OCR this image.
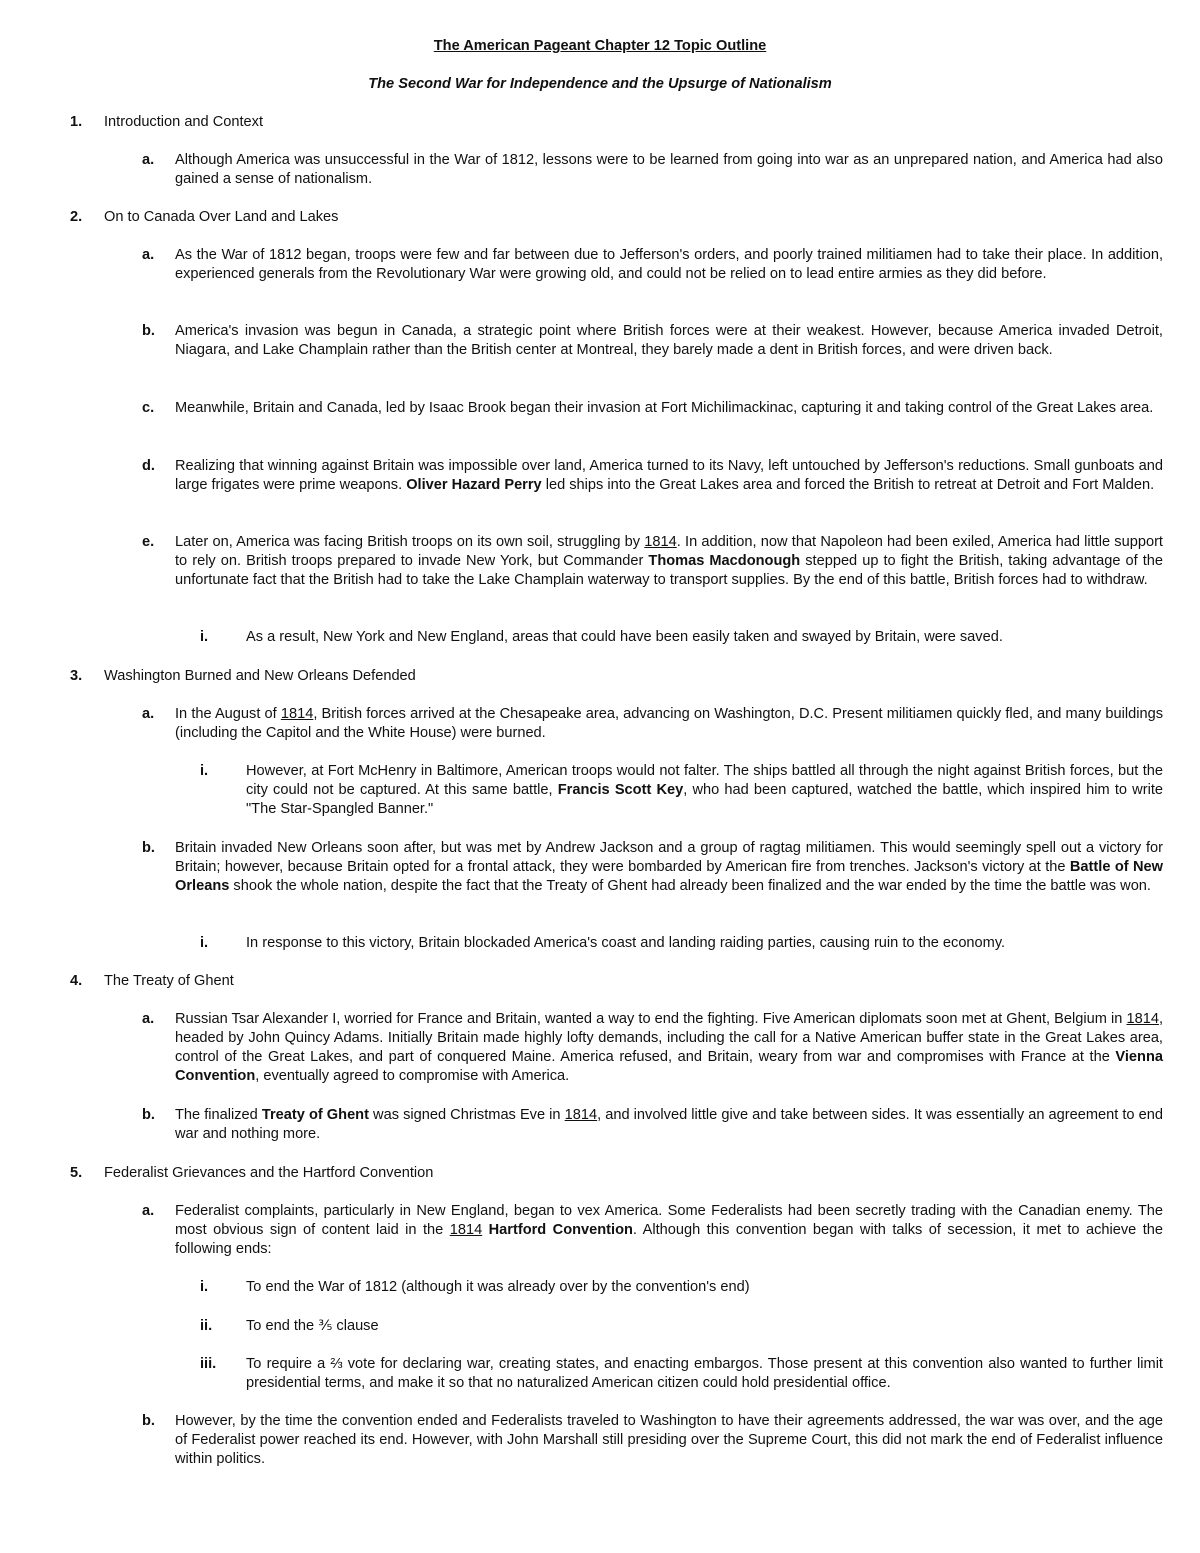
The American Pageant Chapter 12 Topic Outline
The Second War for Independence and the Upsurge of Nationalism
1. Introduction and Context
a. Although America was unsuccessful in the War of 1812, lessons were to be learned from going into war as an unprepared nation, and America had also gained a sense of nationalism.
2. On to Canada Over Land and Lakes
a. As the War of 1812 began, troops were few and far between due to Jefferson's orders, and poorly trained militiamen had to take their place. In addition, experienced generals from the Revolutionary War were growing old, and could not be relied on to lead entire armies as they did before.
b. America's invasion was begun in Canada, a strategic point where British forces were at their weakest. However, because America invaded Detroit, Niagara, and Lake Champlain rather than the British center at Montreal, they barely made a dent in British forces, and were driven back.
c. Meanwhile, Britain and Canada, led by Isaac Brook began their invasion at Fort Michilimackinac, capturing it and taking control of the Great Lakes area.
d. Realizing that winning against Britain was impossible over land, America turned to its Navy, left untouched by Jefferson's reductions. Small gunboats and large frigates were prime weapons. Oliver Hazard Perry led ships into the Great Lakes area and forced the British to retreat at Detroit and Fort Malden.
e. Later on, America was facing British troops on its own soil, struggling by 1814. In addition, now that Napoleon had been exiled, America had little support to rely on. British troops prepared to invade New York, but Commander Thomas Macdonough stepped up to fight the British, taking advantage of the unfortunate fact that the British had to take the Lake Champlain waterway to transport supplies. By the end of this battle, British forces had to withdraw.
i.	As a result, New York and New England, areas that could have been easily taken and swayed by Britain, were saved.
3. Washington Burned and New Orleans Defended
a. In the August of 1814, British forces arrived at the Chesapeake area, advancing on Washington, D.C. Present militiamen quickly fled, and many buildings (including the Capitol and the White House) were burned.
i.	However, at Fort McHenry in Baltimore, American troops would not falter. The ships battled all through the night against British forces, but the city could not be captured. At this same battle, Francis Scott Key, who had been captured, watched the battle, which inspired him to write "The Star-Spangled Banner."
b. Britain invaded New Orleans soon after, but was met by Andrew Jackson and a group of ragtag militiamen. This would seemingly spell out a victory for Britain; however, because Britain opted for a frontal attack, they were bombarded by American fire from trenches. Jackson's victory at the Battle of New Orleans shook the whole nation, despite the fact that the Treaty of Ghent had already been finalized and the war ended by the time the battle was won.
i.	In response to this victory, Britain blockaded America's coast and landing raiding parties, causing ruin to the economy.
4. The Treaty of Ghent
a. Russian Tsar Alexander I, worried for France and Britain, wanted a way to end the fighting. Five American diplomats soon met at Ghent, Belgium in 1814, headed by John Quincy Adams. Initially Britain made highly lofty demands, including the call for a Native American buffer state in the Great Lakes area, control of the Great Lakes, and part of conquered Maine. America refused, and Britain, weary from war and compromises with France at the Vienna Convention, eventually agreed to compromise with America.
b. The finalized Treaty of Ghent was signed Christmas Eve in 1814, and involved little give and take between sides. It was essentially an agreement to end war and nothing more.
5. Federalist Grievances and the Hartford Convention
a. Federalist complaints, particularly in New England, began to vex America. Some Federalists had been secretly trading with the Canadian enemy. The most obvious sign of content laid in the 1814 Hartford Convention. Although this convention began with talks of secession, it met to achieve the following ends:
i.	To end the War of 1812 (although it was already over by the convention's end)
ii. To end the ⅗ clause
iii. To require a ⅔ vote for declaring war, creating states, and enacting embargos. Those present at this convention also wanted to further limit presidential terms, and make it so that no naturalized American citizen could hold presidential office.
b. However, by the time the convention ended and Federalists traveled to Washington to have their agreements addressed, the war was over, and the age of Federalist power reached its end. However, with John Marshall still presiding over the Supreme Court, this did not mark the end of Federalist influence within politics.
